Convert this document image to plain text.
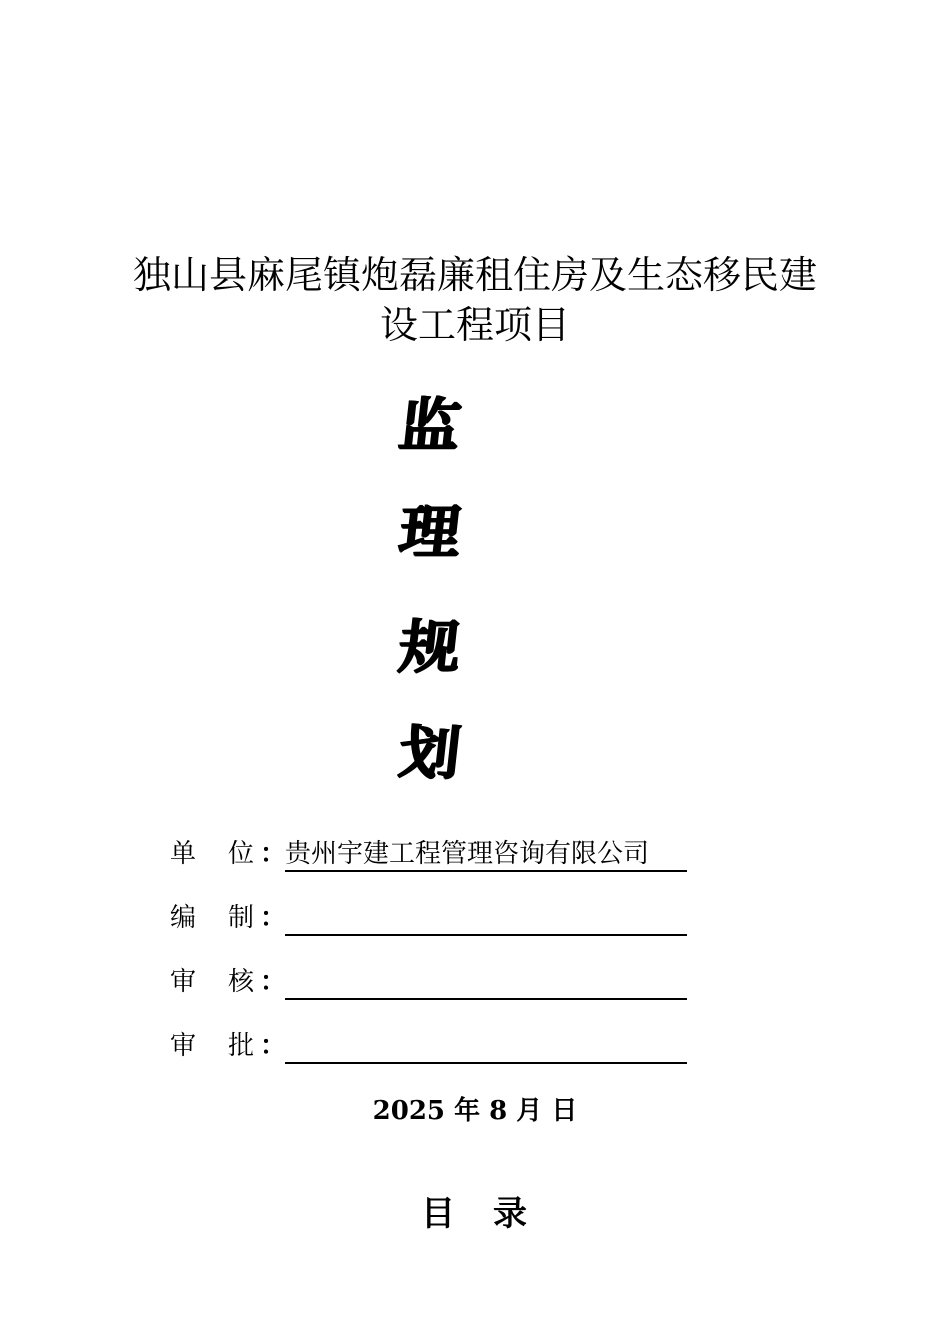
独山县麻尾镇炮磊廉租住房及生态移民建
设工程项目
监
理
规
划
单 位 ：
贵州宇建工程管理咨询有限公司
编 制 ：
审 核 ：
审 批 ：
2025 年 8 月 日
目　录
